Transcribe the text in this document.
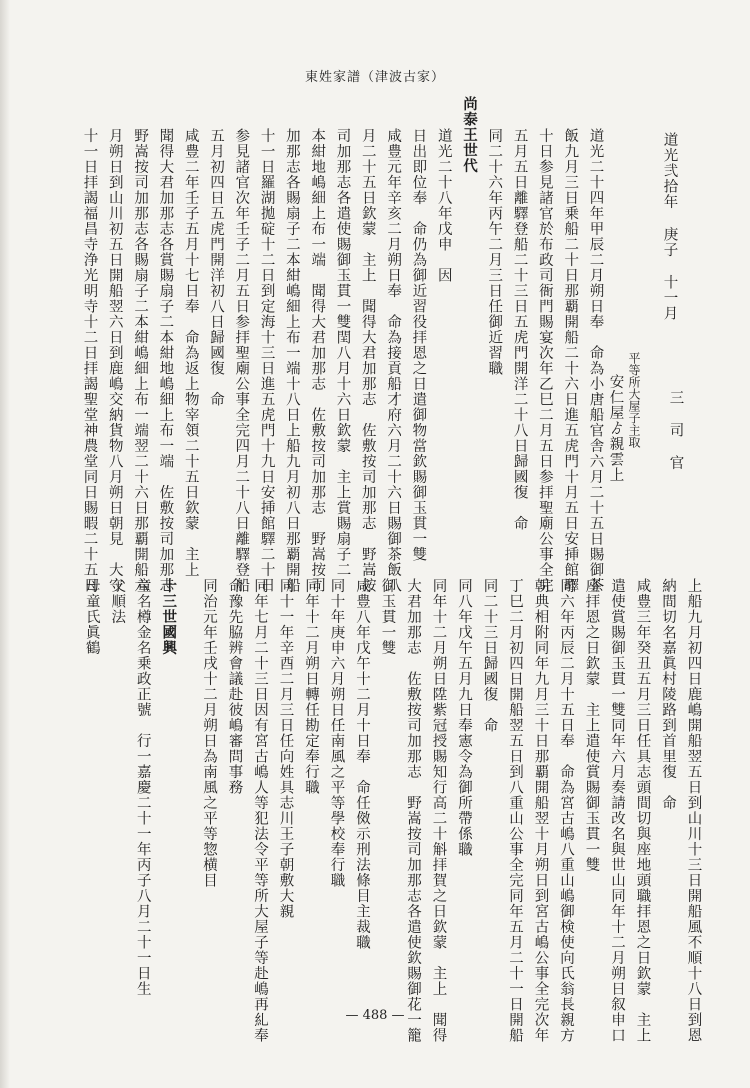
東姓家譜（津波古家）
道光弐拾年 庚子 十一月
三 司 官
平等所大屋子主取
安仁屋ゟ親雲上
道光二十四年甲辰二月朔日奉　命為小唐船官舎六月二十五日賜御茶
飯九月三日乗船二十日那覇開船二十六日進五虎門十月五日安挿館驛
十日参見諸官於布政司衙門賜宴次年乙巳二月五日参拝聖廟公事全完
五月五日離驛登船二十三日五虎門開洋二十八日歸國復　命
同二十六年丙午二月三日任御近習職
尚泰王世代
道光二十八年戊申　因
日出即位奉　命仍為御近習役拝恩之日遣御物當欽賜御玉貫一雙
咸豊元年辛亥二月朔日奉　命為接貢船才府六月二十六日賜御茶飯八
月二十五日欽蒙　主上　聞得大君加那志　佐敷按司加那志　野嵩按
司加那志各遣使賜御玉貫一雙閏八月十六日欽蒙　主上賞賜扇子二
本紺地嶋細上布一端　聞得大君加那志　佐敷按司加那志　野嵩按司
加那志各賜扇子二本紺嶋細上布一端十八日上船九月初八日那覇開船
十一日羅湖拋碇十二日到定海十三日進五虎門十九日安挿館驛二十日
参見諸官次年壬子二月五日参拝聖廟公事全完四月二十八日離驛登船
五月初四日五虎門開洋初八日歸國復　命
咸豊二年壬子五月十七日奉　命為返上物宰領二十五日欽蒙　主上
聞得大君加那志各賞賜扇子二本紺地嶋細上布一端　佐敷按司加那志
野嵩按司加那志各賜扇子二本紺嶋細上布一端翌二十六日那覇開船六
月朔日到山川初五日開船翌六日到鹿嶋交納貨物八月朔日朝見　大守
十一日拝謁福昌寺浄光明寺十二日拝謁聖堂神農堂同日賜暇二十五日
上船九月初四日鹿嶋開船翌五日到山川十三日開船風不順十八日到恩
納間切名嘉眞村陵路到首里復　命
咸豊三年癸丑五月三日任具志頭間切與座地頭職拝恩之日欽蒙　主上
遣使賞賜御玉貫一雙同年六月奏請改名與世山同年十二月朔日叙申口
座拝恩之日欽蒙　主上遣使賞賜御玉貫一雙
同六年丙辰二月十五日奉　命為宮古嶋八重山嶋御検使向氏翁長親方
朝典相附同年九月三十日那覇開船翌十月朔日到宮古嶋公事全完次年
丁巳二月初四日開船翌五日到八重山公事全完同年五月二十一日開船
同二十三日歸國復　命
同八年戊午五月九日奉憲令為御所帶係職
同年十二月朔日陞紫冠授賜知行高二十斛拝賀之日欽蒙　主上　聞得
大君加那志　佐敷按司加那志　野嵩按司加那志各遣使欽賜御花一籠
御玉貫一雙
咸豊八年戊午十二月十日奉　命任傚示刑法條目主裁職
同十年庚申六月朔日任南風之平等學校奉行職
同年十二月朔日轉任勘定奉行職
同十一年辛酉二月三日任向姓具志川王子朝敷大親
同年七月二十三日因有宮古嶋人等犯法令平等所大屋子等赴嶋再糺奉
命豫先脇辨會議赴彼嶋審問事務
同治元年壬戌十二月朔日為南風之平等惣横目
十三世國興
童名樽金名乗政正號　行一嘉慶二十一年丙子八月二十一日生
父順法
母童氏眞鶴
— 488 —
